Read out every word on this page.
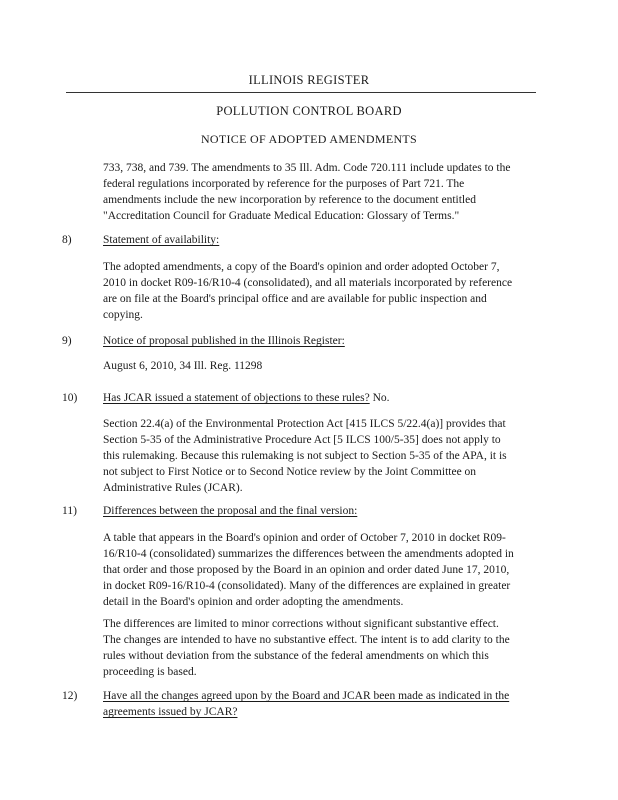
ILLINOIS REGISTER
POLLUTION CONTROL BOARD
NOTICE OF ADOPTED AMENDMENTS
733, 738, and 739. The amendments to 35 Ill. Adm. Code 720.111 include updates to the
federal regulations incorporated by reference for the purposes of Part 721. The
amendments include the new incorporation by reference to the document entitled
"Accreditation Council for Graduate Medical Education: Glossary of Terms."
8)	Statement of availability:
The adopted amendments, a copy of the Board's opinion and order adopted October 7,
2010 in docket R09-16/R10-4 (consolidated), and all materials incorporated by reference
are on file at the Board's principal office and are available for public inspection and
copying.
9)	Notice of proposal published in the Illinois Register:
August 6, 2010, 34 Ill. Reg. 11298
10)	Has JCAR issued a statement of objections to these rules? No.
Section 22.4(a) of the Environmental Protection Act [415 ILCS 5/22.4(a)] provides that
Section 5-35 of the Administrative Procedure Act [5 ILCS 100/5-35] does not apply to
this rulemaking. Because this rulemaking is not subject to Section 5-35 of the APA, it is
not subject to First Notice or to Second Notice review by the Joint Committee on
Administrative Rules (JCAR).
11)	Differences between the proposal and the final version:
A table that appears in the Board's opinion and order of October 7, 2010 in docket R09-
16/R10-4 (consolidated) summarizes the differences between the amendments adopted in
that order and those proposed by the Board in an opinion and order dated June 17, 2010,
in docket R09-16/R10-4 (consolidated). Many of the differences are explained in greater
detail in the Board's opinion and order adopting the amendments.
The differences are limited to minor corrections without significant substantive effect.
The changes are intended to have no substantive effect. The intent is to add clarity to the
rules without deviation from the substance of the federal amendments on which this
proceeding is based.
12)	Have all the changes agreed upon by the Board and JCAR been made as indicated in the
agreements issued by JCAR?
